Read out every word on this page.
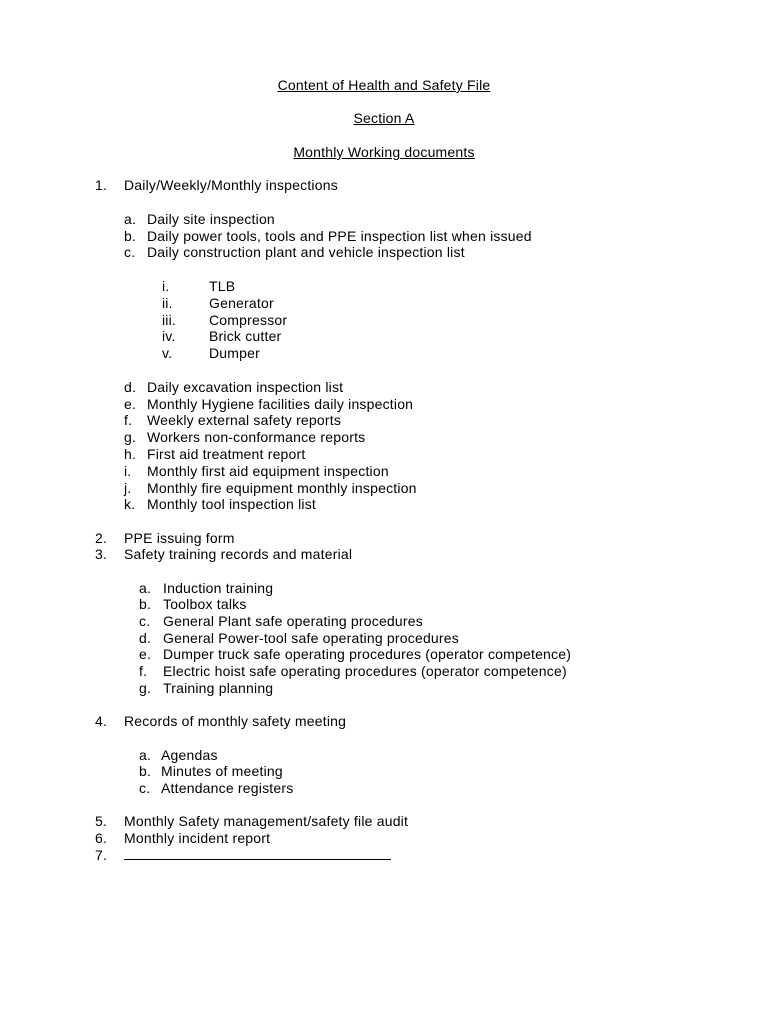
Content of Health and Safety File
Section A
Monthly Working documents
1. Daily/Weekly/Monthly inspections
a. Daily site inspection
b. Daily power tools, tools and PPE inspection list when issued
c. Daily construction plant and vehicle inspection list
i.	TLB
ii.	Generator
iii. Compressor
iv. Brick cutter
v.	Dumper
d. Daily excavation inspection list
e. Monthly Hygiene facilities daily inspection
f. Weekly external safety reports
g. Workers non-conformance reports
h. First aid treatment report
i. Monthly first aid equipment inspection
j. Monthly fire equipment monthly inspection
k. Monthly tool inspection list
2. PPE issuing form
3. Safety training records and material
a. Induction training
b. Toolbox talks
c. General Plant safe operating procedures
d. General Power-tool safe operating procedures
e. Dumper truck safe operating procedures (operator competence)
f. Electric hoist safe operating procedures (operator competence)
g. Training planning
4. Records of monthly safety meeting
a. Agendas
b. Minutes of meeting
c. Attendance registers
5. Monthly Safety management/safety file audit
6. Monthly incident report
7.
